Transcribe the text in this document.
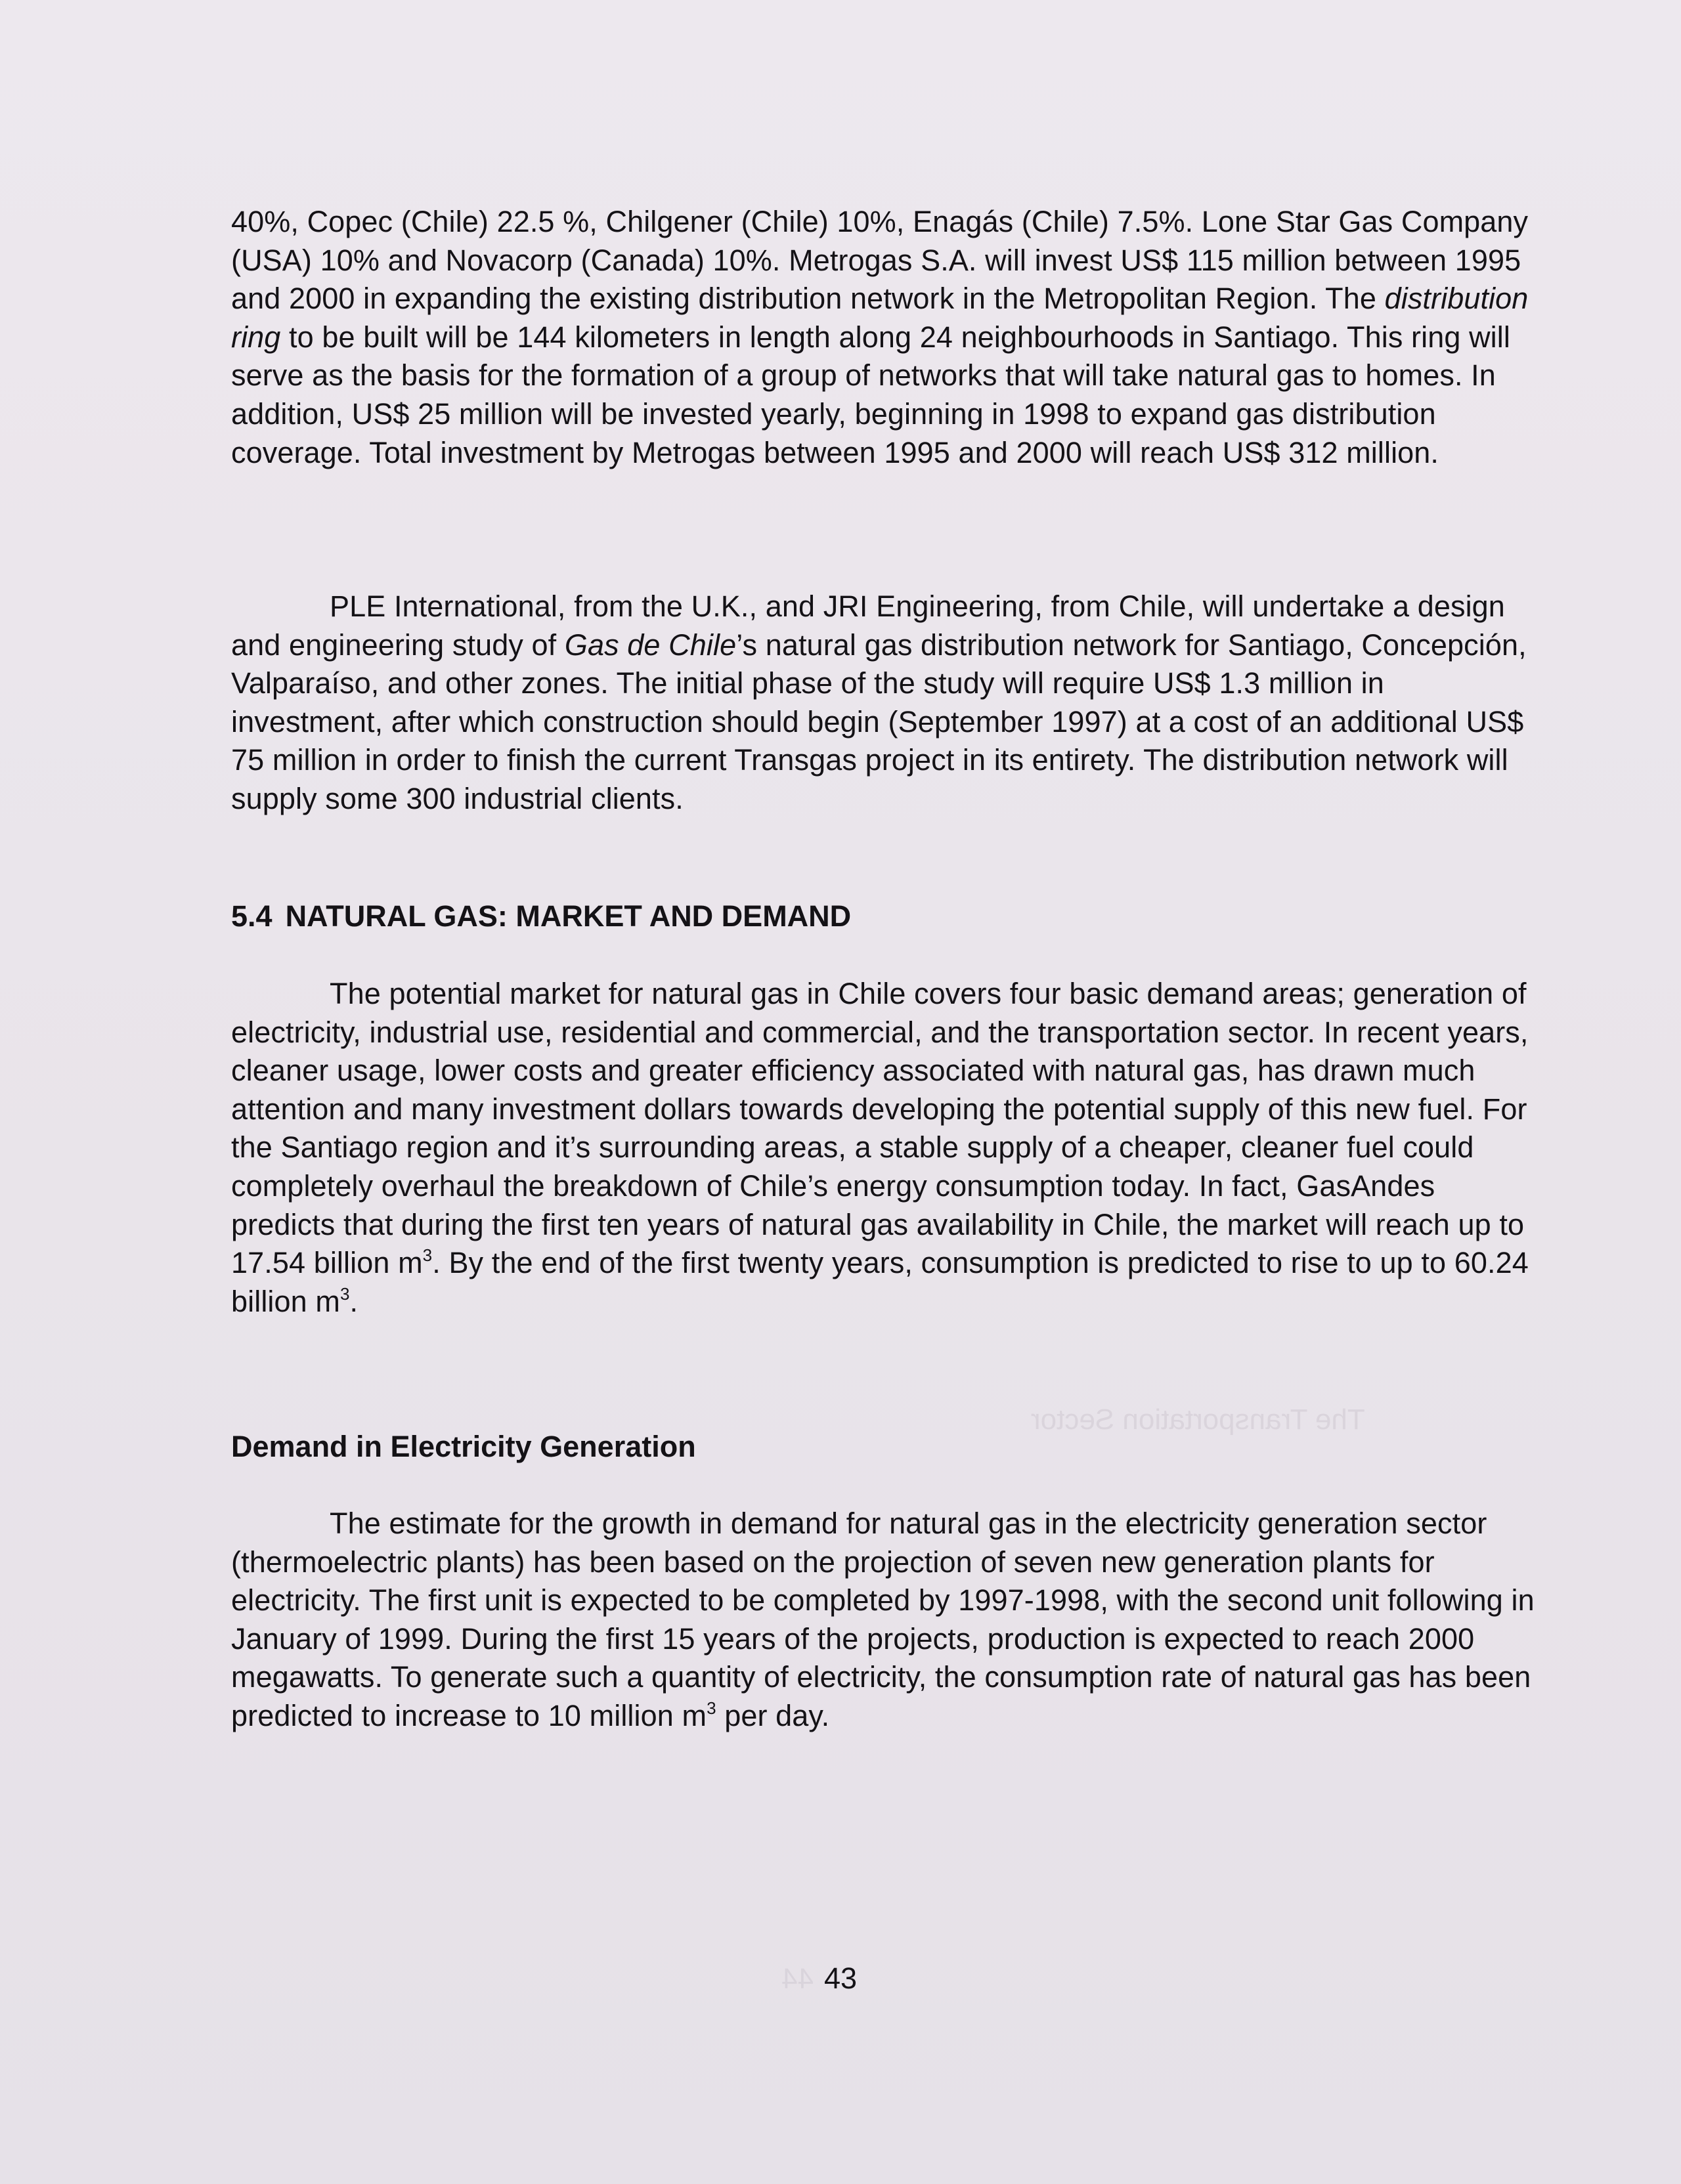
The Transportation Sector
44

40%, Copec (Chile) 22.5 %, Chilgener (Chile) 10%, Enagás (Chile) 7.5%. Lone Star Gas Company (USA) 10% and Novacorp (Canada) 10%. Metrogas S.A. will invest US$ 115 million between 1995 and 2000 in expanding the existing distribution network in the Metropolitan Region. The distribution ring to be built will be 144 kilometers in length along 24 neighbourhoods in Santiago. This ring will serve as the basis for the formation of a group of networks that will take natural gas to homes. In addition, US$ 25 million will be invested yearly, beginning in 1998 to expand gas distribution coverage. Total investment by Metrogas between 1995 and 2000 will reach US$ 312 million.

PLE International, from the U.K., and JRI Engineering, from Chile, will undertake a design and engineering study of Gas de Chile’s natural gas distribution network for Santiago, Concepción, Valparaíso, and other zones. The initial phase of the study will require US$ 1.3 million in investment, after which construction should begin (September 1997) at a cost of an additional US$ 75 million in order to finish the current Transgas project in its entirety. The distribution network will supply some 300 industrial clients.

5.4 NATURAL GAS: MARKET AND DEMAND

The potential market for natural gas in Chile covers four basic demand areas; generation of electricity, industrial use, residential and commercial, and the transportation sector. In recent years, cleaner usage, lower costs and greater efficiency associated with natural gas, has drawn much attention and many investment dollars towards developing the potential supply of this new fuel. For the Santiago region and it’s surrounding areas, a stable supply of a cheaper, cleaner fuel could completely overhaul the breakdown of Chile’s energy consumption today. In fact, GasAndes predicts that during the first ten years of natural gas availability in Chile, the market will reach up to 17.54 billion $m^3$. By the end of the first twenty years, consumption is predicted to rise to up to 60.24 billion $m^3$.

Demand in Electricity Generation

The estimate for the growth in demand for natural gas in the electricity generation sector (thermoelectric plants) has been based on the projection of seven new generation plants for electricity. The first unit is expected to be completed by 1997-1998, with the second unit following in January of 1999. During the first 15 years of the projects, production is expected to reach 2000 megawatts. To generate such a quantity of electricity, the consumption rate of natural gas has been predicted to increase to 10 million $m^3$ per day.

43
